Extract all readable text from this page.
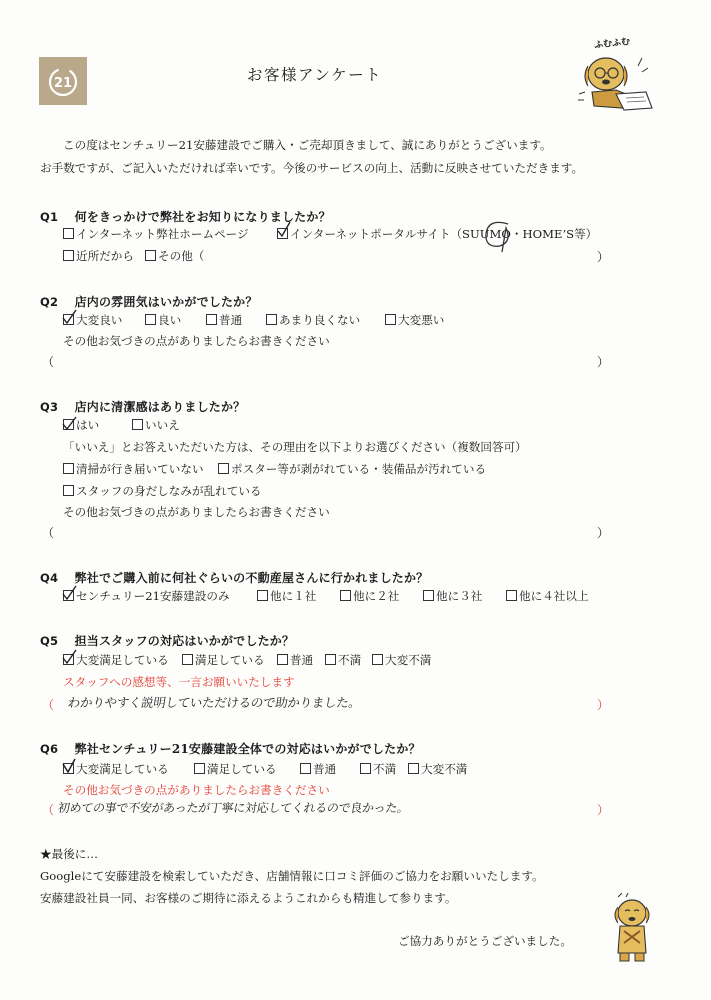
21	お客様アンケート
ふむふむ
この度はセンチュリー21安藤建設でご購入・ご売却頂きまして、誠にありがとうございます。
お手数ですが、ご記入いただければ幸いです。今後のサービスの向上、活動に反映させていただきます。
Q1 何をきっかけで弊社をお知りになりましたか？
インターネット弊社ホームページ	インターネットポータルサイト（SUUMO・HOME’S等）
近所だから	その他（	）
Q2 店内の雰囲気はいかがでしたか？
大変良い	良い	普通	あまり良くない	大変悪い
その他お気づきの点がありましたらお書きください
（	）
Q3 店内に清潔感はありましたか？
はい	いいえ
「いいえ」とお答えいただいた方は、その理由を以下よりお選びください（複数回答可）
清掃が行き届いていない	ポスター等が剥がれている・装備品が汚れている
スタッフの身だしなみが乱れている
その他お気づきの点がありましたらお書きください
（	）
Q4 弊社でご購入前に何社ぐらいの不動産屋さんに行かれましたか？
センチュリー21安藤建設のみ	他に１社	他に２社	他に３社	他に４社以上
Q5 担当スタッフの対応はいかがでしたか？
大変満足している	満足している	普通	不満	大変不満
スタッフへの感想等、一言お願いいたします
（ わかりやすく説明していただけるので助かりました。	）
Q6 弊社センチュリー21安藤建設全体での対応はいかがでしたか？
大変満足している	満足している	普通	不満	大変不満
その他お気づきの点がありましたらお書きください
（ 初めての事で不安があったが丁寧に対応してくれるので良かった。	）
★最後に…
Googleにて安藤建設を検索していただき、店舗情報に口コミ評価のご協力をお願いいたします。
安藤建設社員一同、お客様のご期待に添えるようこれからも精進して参ります。
ご協力ありがとうございました。
